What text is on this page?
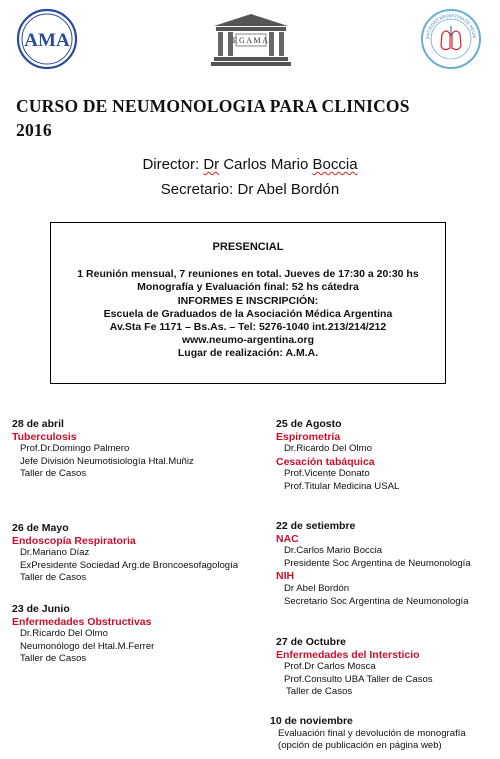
AMA	EGAMA	SOCIEDAD ARGENTINA DE NEUM
CURSO DE NEUMONOLOGIA PARA CLINICOS
2016
Director: Dr Carlos Mario Boccia
Secretario: Dr Abel Bordón
PRESENCIAL
1 Reunión mensual, 7 reuniones en total. Jueves de 17:30 a 20:30 hs
Monografía y Evaluación final: 52 hs cátedra
INFORMES E INSCRIPCIÓN:
Escuela de Graduados de la Asociación Médica Argentina
Av.Sta Fe 1171 – Bs.As. – Tel: 5276-1040 int.213/214/212
www.neumo-argentina.org
Lugar de realización: A.M.A.
28 de abril
Tuberculosis
Prof.Dr.Domingo Palmero
Jefe División Neumotisiología Htal.Muñiz
Taller de Casos
26 de Mayo
Endoscopía Respiratoria
Dr.Mariano Díaz
ExPresidente Sociedad Arg.de Broncoesofagología
Taller de Casos
23 de Junio
Enfermedades Obstructivas
Dr.Ricardo Del Olmo
Neumonólogo del Htal.M.Ferrer
Taller de Casos
25 de Agosto
Espirometría
Dr.Ricardo Del Olmo
Cesación tabáquica
Prof.Vicente Donato
Prof.Titular Medicina USAL
22 de setiembre
NAC
Dr.Carlos Mario Boccia
Presidente Soc Argentina de Neumonología
NIH
Dr Abel Bordón
Secretario Soc Argentina de Neumonología
27 de Octubre
Enfermedades del Intersticio
Prof.Dr Carlos Mosca
Prof.Consulto UBA Taller de Casos
Taller de Casos
10 de noviembre
Evaluación final y devolución de monografía
(opción de publicación en página web)
